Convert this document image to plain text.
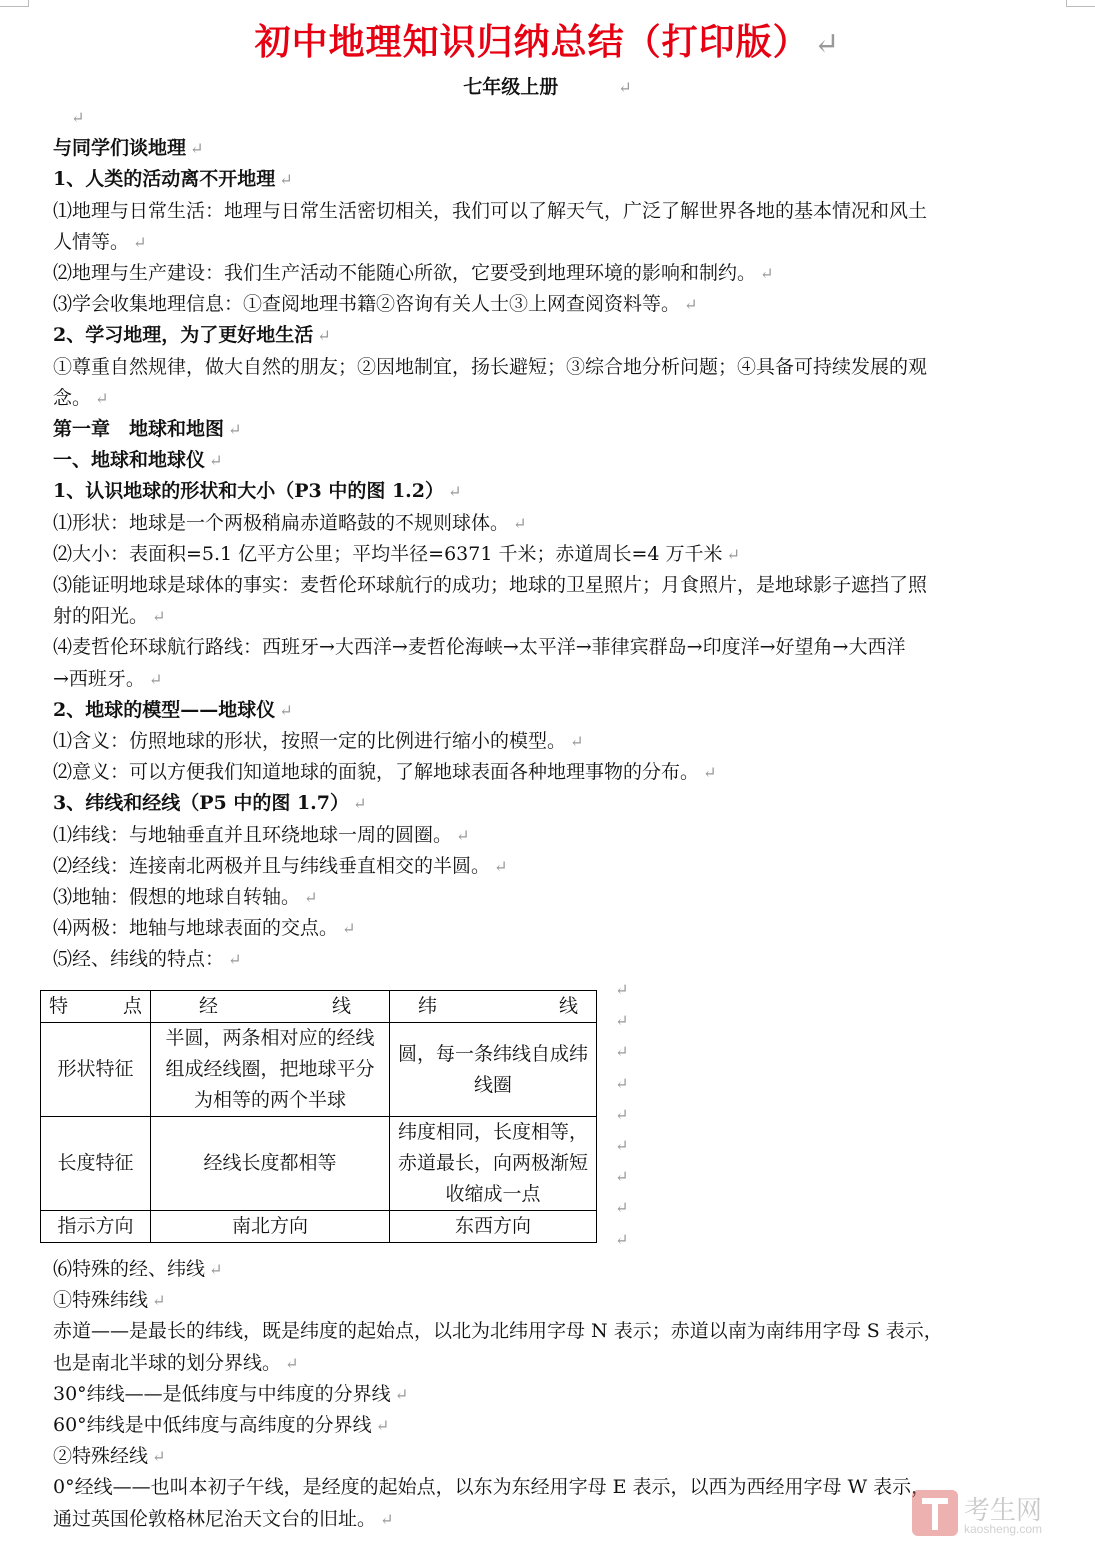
初中地理知识归纳总结（打印版） ↵
七年级上册	↵
↵
与同学们谈地理 ↵
1、人类的活动离不开地理 ↵
⑴地理与日常生活：地理与日常生活密切相关，我们可以了解天气，广泛了解世界各地的基本情况和风土
人情等。 ↵
⑵地理与生产建设：我们生产活动不能随心所欲，它要受到地理环境的影响和制约。 ↵
⑶学会收集地理信息：①查阅地理书籍②咨询有关人士③上网查阅资料等。 ↵
2、学习地理，为了更好地生活 ↵
①尊重自然规律，做大自然的朋友；②因地制宜，扬长避短；③综合地分析问题；④具备可持续发展的观
念。 ↵
第一章　地球和地图 ↵
一、地球和地球仪 ↵
1、认识地球的形状和大小（P3 中的图 1.2） ↵
⑴形状：地球是一个两极稍扁赤道略鼓的不规则球体。 ↵
⑵大小：表面积=5.1 亿平方公里；平均半径=6371 千米；赤道周长=4 万千米 ↵
⑶能证明地球是球体的事实：麦哲伦环球航行的成功；地球的卫星照片；月食照片，是地球影子遮挡了照
射的阳光。 ↵
⑷麦哲伦环球航行路线：西班牙→大西洋→麦哲伦海峡→太平洋→菲律宾群岛→印度洋→好望角→大西洋
→西班牙。 ↵
2、地球的模型——地球仪 ↵
⑴含义：仿照地球的形状，按照一定的比例进行缩小的模型。 ↵
⑵意义：可以方便我们知道地球的面貌，了解地球表面各种地理事物的分布。 ↵
3、纬线和经线（P5 中的图 1.7） ↵
⑴纬线：与地轴垂直并且环绕地球一周的圆圈。 ↵
⑵经线：连接南北两极并且与纬线垂直相交的半圆。 ↵
⑶地轴：假想的地球自转轴。 ↵
⑷两极：地轴与地球表面的交点。 ↵
⑸经、纬线的特点： ↵
特 点	经 线	纬 线

形状特征	半圆，两条相对应的经线组成经线圈，把地球平分为相等的两个半球	圆，每一条纬线自成纬线圈
长度特征	经线长度都相等	纬度相同，长度相等，赤道最长，向两极渐短收缩成一点
指示方向	南北方向	东西方向
↵
↵
↵
↵
↵
↵
↵
↵
↵
⑹特殊的经、纬线 ↵
①特殊纬线 ↵
赤道——是最长的纬线，既是纬度的起始点，以北为北纬用字母 N 表示；赤道以南为南纬用字母 S 表示，
也是南北半球的划分界线。 ↵
30°纬线——是低纬度与中纬度的分界线 ↵
60°纬线是中低纬度与高纬度的分界线 ↵
②特殊经线 ↵
0°经线——也叫本初子午线，是经度的起始点，以东为东经用字母 E 表示，以西为西经用字母 W 表示，
通过英国伦敦格林尼治天文台的旧址。 ↵	考生网
kaosheng.com
